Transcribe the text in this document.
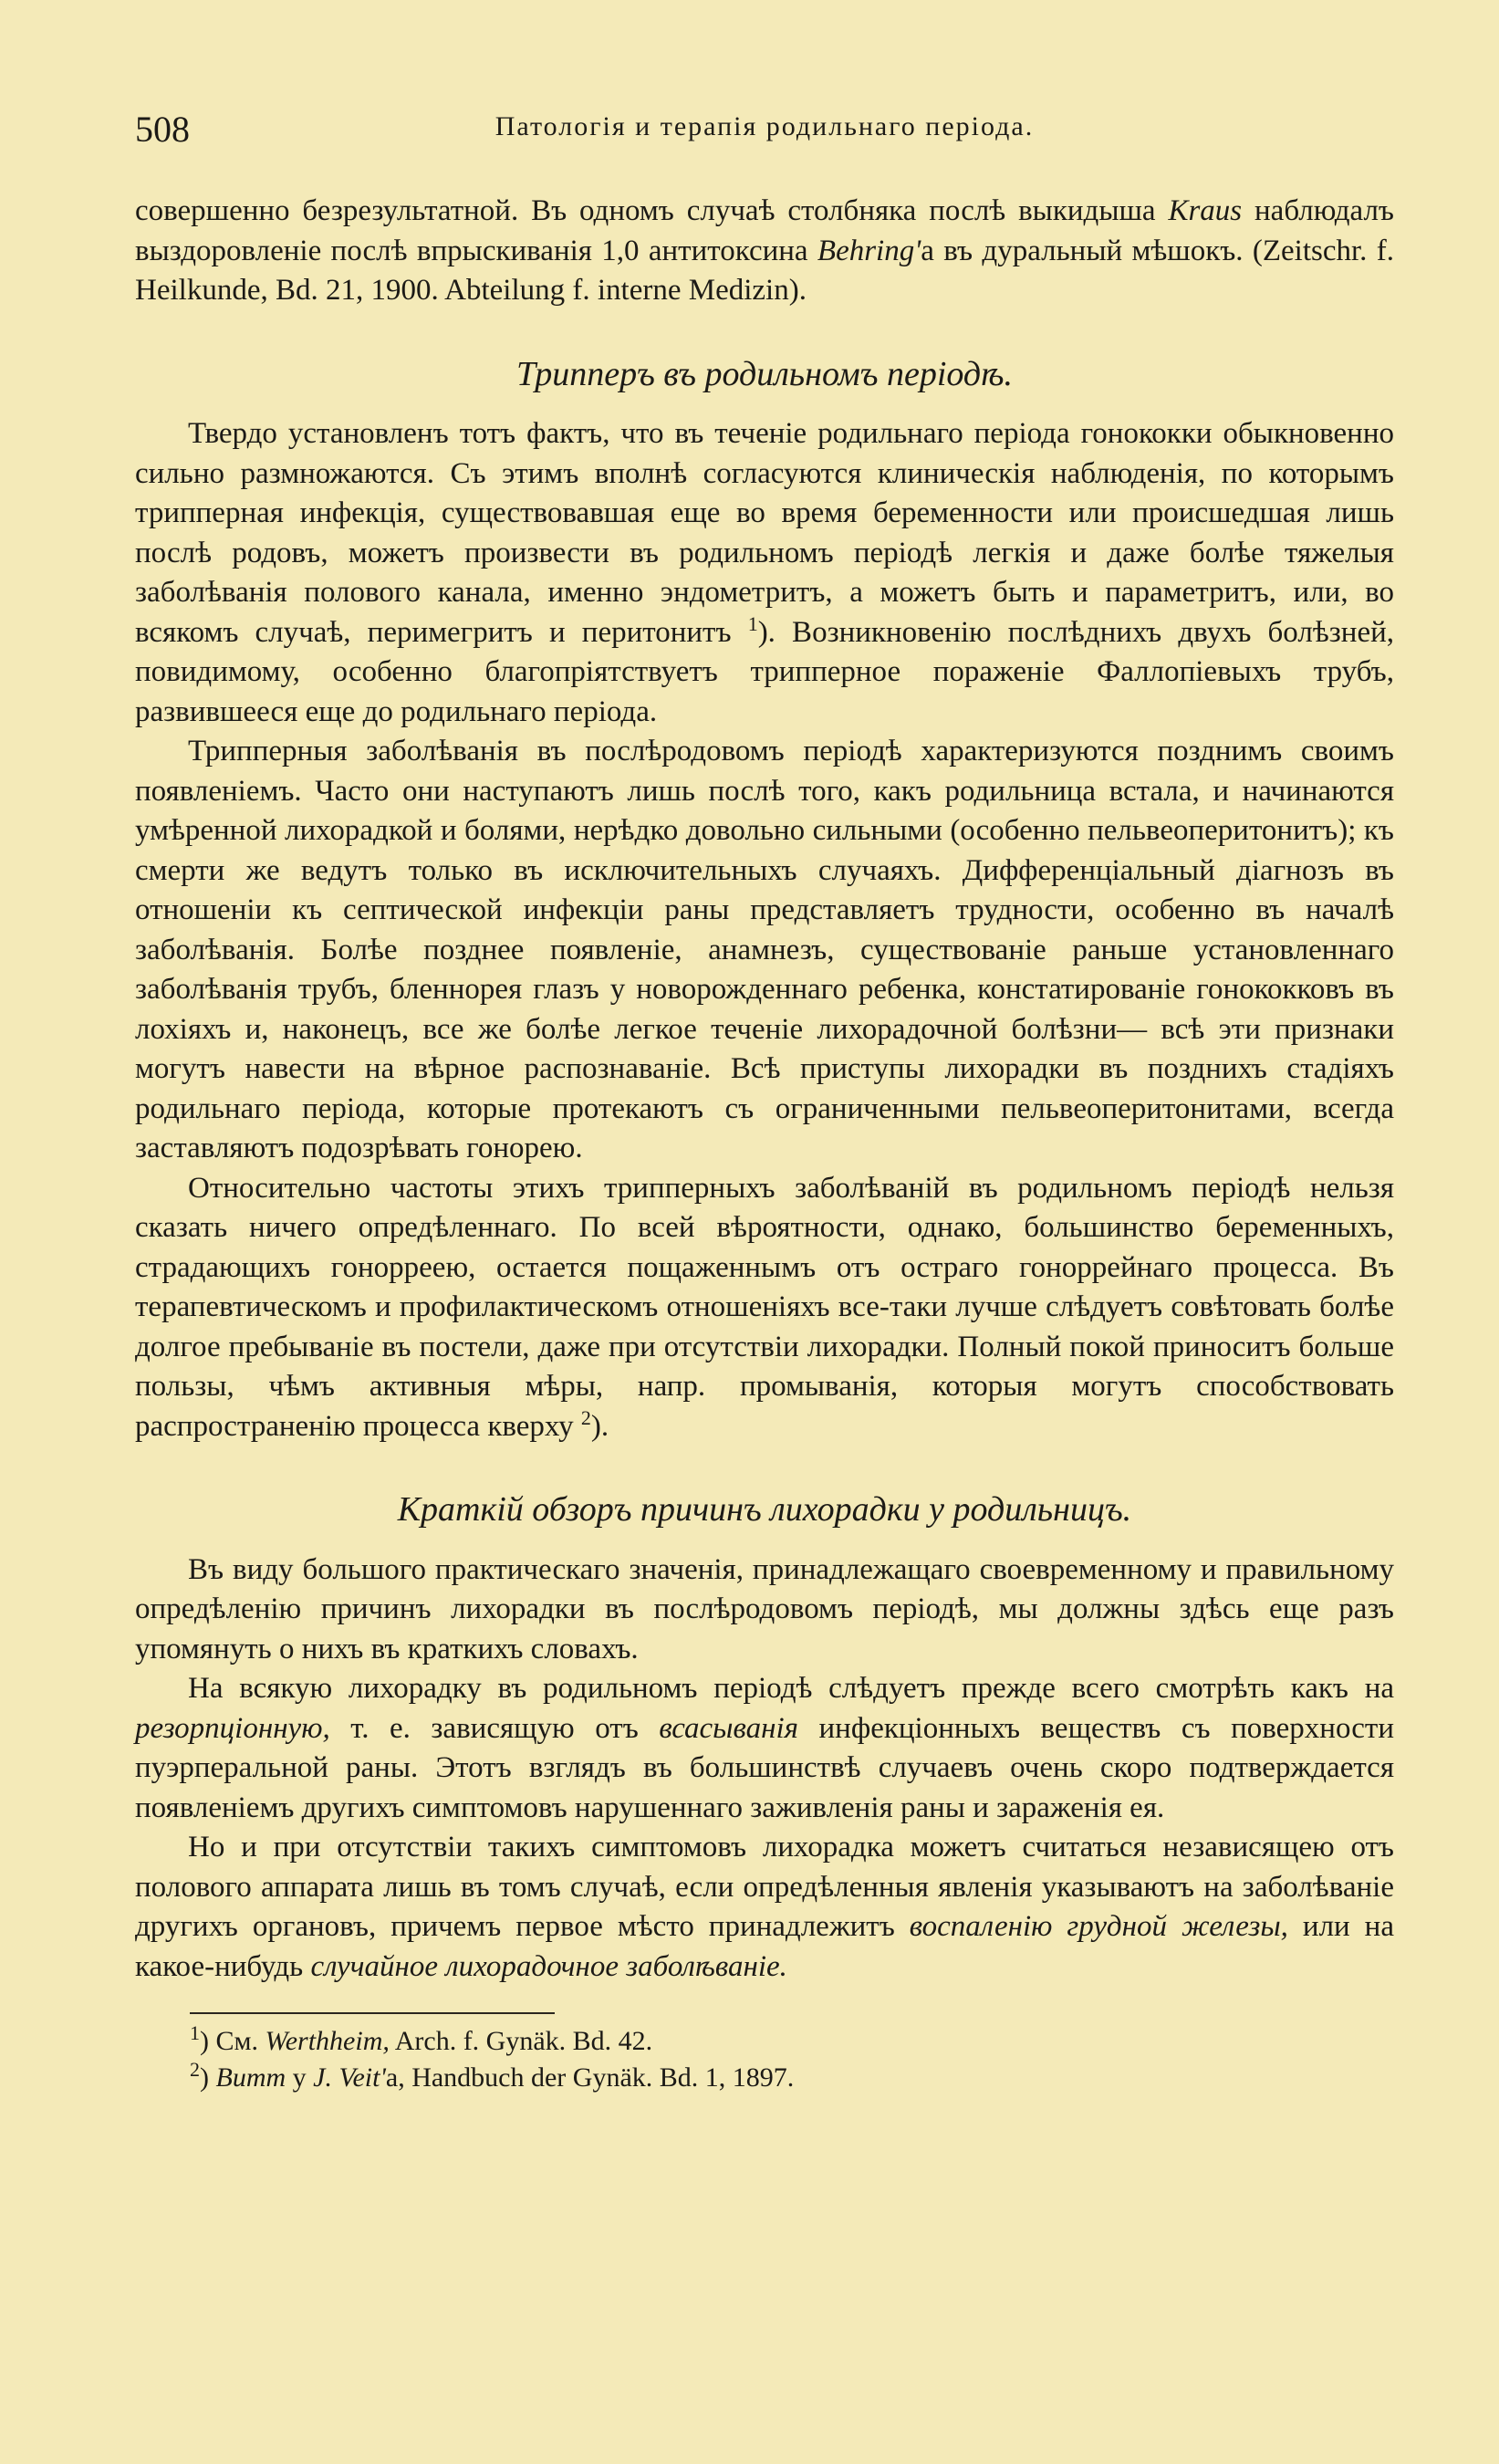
508	Патологія и терапія родильнаго періода.

совершенно безрезультатной. Въ одномъ случаѣ столбняка послѣ выкидыша Kraus наблюдалъ выздоровленіе послѣ впрыскиванія 1,0 антитоксина Behring'а въ дуральный мѣшокъ. (Zeitschr. f. Heilkunde, Bd. 21, 1900. Abteilung f. interne Medizin).

Трипперъ въ родильномъ періодѣ.

Твердо установленъ тотъ фактъ, что въ теченіе родильнаго періода гонококки обыкновенно сильно размножаются. Съ этимъ вполнѣ согласуются клиническія наблюденія, по которымъ трипперная инфекція, существовавшая еще во время беременности или происшедшая лишь послѣ родовъ, можетъ произвести въ родильномъ періодѣ легкія и даже болѣе тяжелыя заболѣванія полового канала, именно эндометритъ, а можетъ быть и параметритъ, или, во всякомъ случаѣ, перимегритъ и перитонитъ $^1$). Возникновенію послѣднихъ двухъ болѣзней, повидимому, особенно благопріятствуетъ трипперное пораженіе Фаллопіевыхъ трубъ, развившееся еще до родильнаго періода.

Трипперныя заболѣванія въ послѣродовомъ періодѣ характеризуются позднимъ своимъ появленіемъ. Часто они наступаютъ лишь послѣ того, какъ родильница встала, и начинаются умѣренной лихорадкой и болями, нерѣдко довольно сильными (особенно пельвеоперитонитъ); къ смерти же ведутъ только въ исключительныхъ случаяхъ. Дифференціальный діагнозъ въ отношеніи къ септической инфекціи раны представляетъ трудности, особенно въ началѣ заболѣванія. Болѣе позднее появленіе, анамнезъ, существованіе раньше установленнаго заболѣванія трубъ, бленнорея глазъ у новорожденнаго ребенка, констатированіе гонококковъ въ лохіяхъ и, наконецъ, все же болѣе легкое теченіе лихорадочной болѣзни— всѣ эти признаки могутъ навести на вѣрное распознаваніе. Всѣ приступы лихорадки въ позднихъ стадіяхъ родильнаго періода, которые протекаютъ съ ограниченными пельвеоперитонитами, всегда заставляютъ подозрѣвать гонорею.

Относительно частоты этихъ трипперныхъ заболѣваній въ родильномъ періодѣ нельзя сказать ничего опредѣленнаго. По всей вѣроятности, однако, большинство беременныхъ, страдающихъ гонорреею, остается пощаженнымъ отъ остраго гоноррейнаго процесса. Въ терапевтическомъ и профилактическомъ отношеніяхъ все-таки лучше слѣдуетъ совѣтовать болѣе долгое пребываніе въ постели, даже при отсутствіи лихорадки. Полный покой приноситъ больше пользы, чѣмъ активныя мѣры, напр. промыванія, которыя могутъ способствовать распространенію процесса кверху $^2$).

Краткій обзоръ причинъ лихорадки у родильницъ.

Въ виду большого практическаго значенія, принадлежащаго своевременному и правильному опредѣленію причинъ лихорадки въ послѣродовомъ періодѣ, мы должны здѣсь еще разъ упомянуть о нихъ въ краткихъ словахъ.

На всякую лихорадку въ родильномъ періодѣ слѣдуетъ прежде всего смотрѣть какъ на резорпціонную, т. е. зависящую отъ всасыванія инфекціонныхъ веществъ съ поверхности пуэрперальной раны. Этотъ взглядъ въ большинствѣ случаевъ очень скоро подтверждается появленіемъ другихъ симптомовъ нарушеннаго заживленія раны и зараженія ея.

Но и при отсутствіи такихъ симптомовъ лихорадка можетъ считаться независящею отъ полового аппарата лишь въ томъ случаѣ, если опредѣленныя явленія указываютъ на заболѣваніе другихъ органовъ, причемъ первое мѣсто принадлежитъ воспаленію грудной железы, или на какое-нибудь случайное лихорадочное заболѣваніе.

$^1$) См. Werthheim, Arch. f. Gynäk. Bd. 42.
$^2$) Bumm y J. Veit'a, Handbuch der Gynäk. Bd. 1, 1897.
